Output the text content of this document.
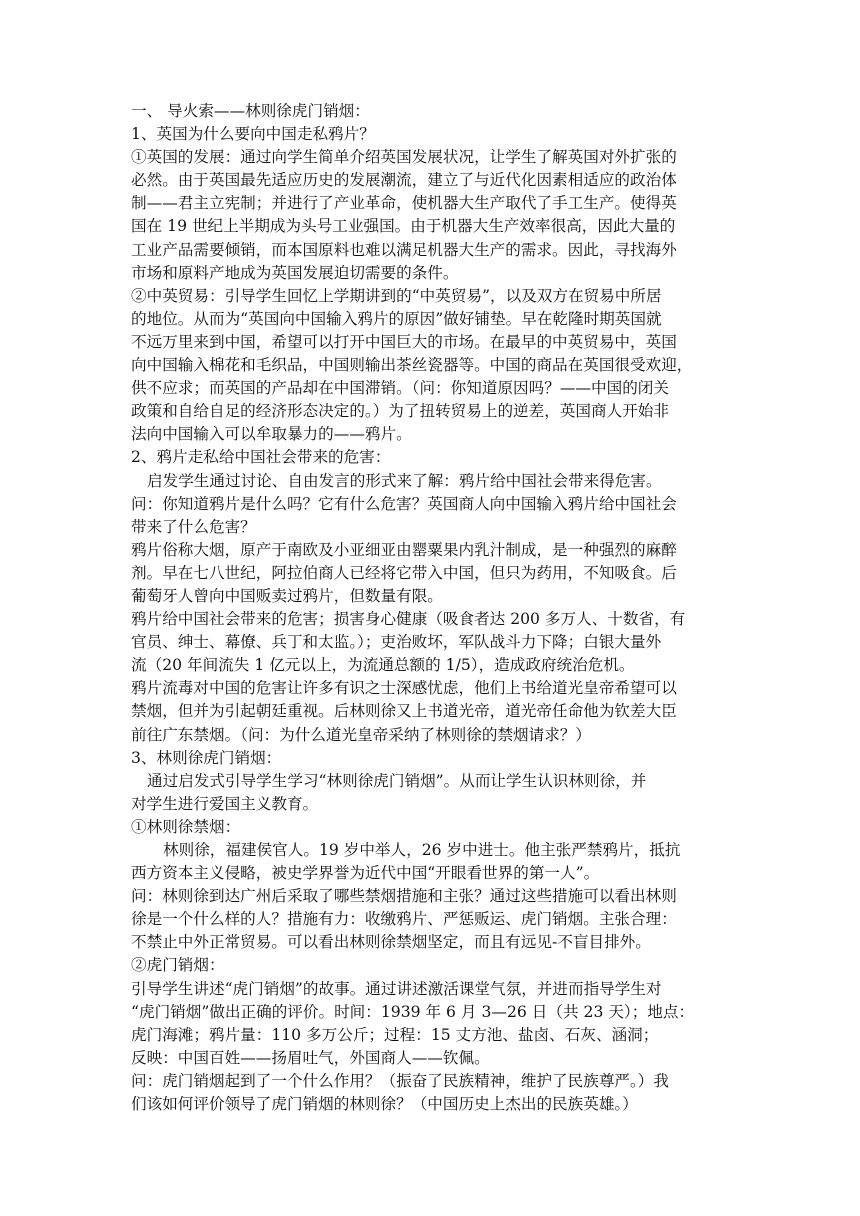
一、 导火索——林则徐虎门销烟：
1、英国为什么要向中国走私鸦片？
①英国的发展：通过向学生简单介绍英国发展状况，让学生了解英国对外扩张的
必然。由于英国最先适应历史的发展潮流，建立了与近代化因素相适应的政治体
制——君主立宪制；并进行了产业革命，使机器大生产取代了手工生产。使得英
国在 19 世纪上半期成为头号工业强国。由于机器大生产效率很高，因此大量的
工业产品需要倾销，而本国原料也难以满足机器大生产的需求。因此，寻找海外
市场和原料产地成为英国发展迫切需要的条件。
②中英贸易：引导学生回忆上学期讲到的“中英贸易”，以及双方在贸易中所居
的地位。从而为“英国向中国输入鸦片的原因”做好铺垫。早在乾隆时期英国就
不远万里来到中国，希望可以打开中国巨大的市场。在最早的中英贸易中，英国
向中国输入棉花和毛织品，中国则输出茶丝瓷器等。中国的商品在英国很受欢迎，
供不应求；而英国的产品却在中国滞销。（问：你知道原因吗？——中国的闭关
政策和自给自足的经济形态决定的。）为了扭转贸易上的逆差，英国商人开始非
法向中国输入可以牟取暴力的——鸦片。
2、鸦片走私给中国社会带来的危害：
启发学生通过讨论、自由发言的形式来了解：鸦片给中国社会带来得危害。
问：你知道鸦片是什么吗？它有什么危害？英国商人向中国输入鸦片给中国社会
带来了什么危害？
鸦片俗称大烟，原产于南欧及小亚细亚由罂粟果内乳汁制成，是一种强烈的麻醉
剂。早在七八世纪，阿拉伯商人已经将它带入中国，但只为药用，不知吸食。后
葡萄牙人曾向中国贩卖过鸦片，但数量有限。
鸦片给中国社会带来的危害；损害身心健康（吸食者达 200 多万人、十数省，有
官员、绅士、幕僚、兵丁和太监。）；吏治败坏，军队战斗力下降；白银大量外
流（20 年间流失 1 亿元以上，为流通总额的 1/5），造成政府统治危机。
鸦片流毒对中国的危害让许多有识之士深感忧虑，他们上书给道光皇帝希望可以
禁烟，但并为引起朝廷重视。后林则徐又上书道光帝，道光帝任命他为钦差大臣
前往广东禁烟。（问：为什么道光皇帝采纳了林则徐的禁烟请求？）
3、林则徐虎门销烟：
通过启发式引导学生学习“林则徐虎门销烟”。从而让学生认识林则徐，并
对学生进行爱国主义教育。
①林则徐禁烟：
林则徐，福建侯官人。19 岁中举人，26 岁中进士。他主张严禁鸦片，抵抗
西方资本主义侵略，被史学界誉为近代中国“开眼看世界的第一人”。
问：林则徐到达广州后采取了哪些禁烟措施和主张？通过这些措施可以看出林则
徐是一个什么样的人？措施有力：收缴鸦片、严惩贩运、虎门销烟。主张合理：
不禁止中外正常贸易。可以看出林则徐禁烟坚定，而且有远见-不盲目排外。
②虎门销烟：
引导学生讲述“虎门销烟”的故事。通过讲述激活课堂气氛，并进而指导学生对
“虎门销烟”做出正确的评价。时间：1939 年 6 月 3—26 日（共 23 天）；地点：
虎门海滩；鸦片量：110 多万公斤；过程：15 丈方池、盐卤、石灰、涵洞；
反映：中国百姓——扬眉吐气，外国商人——钦佩。
问：虎门销烟起到了一个什么作用？（振奋了民族精神，维护了民族尊严。）我
们该如何评价领导了虎门销烟的林则徐？（中国历史上杰出的民族英雄。）
